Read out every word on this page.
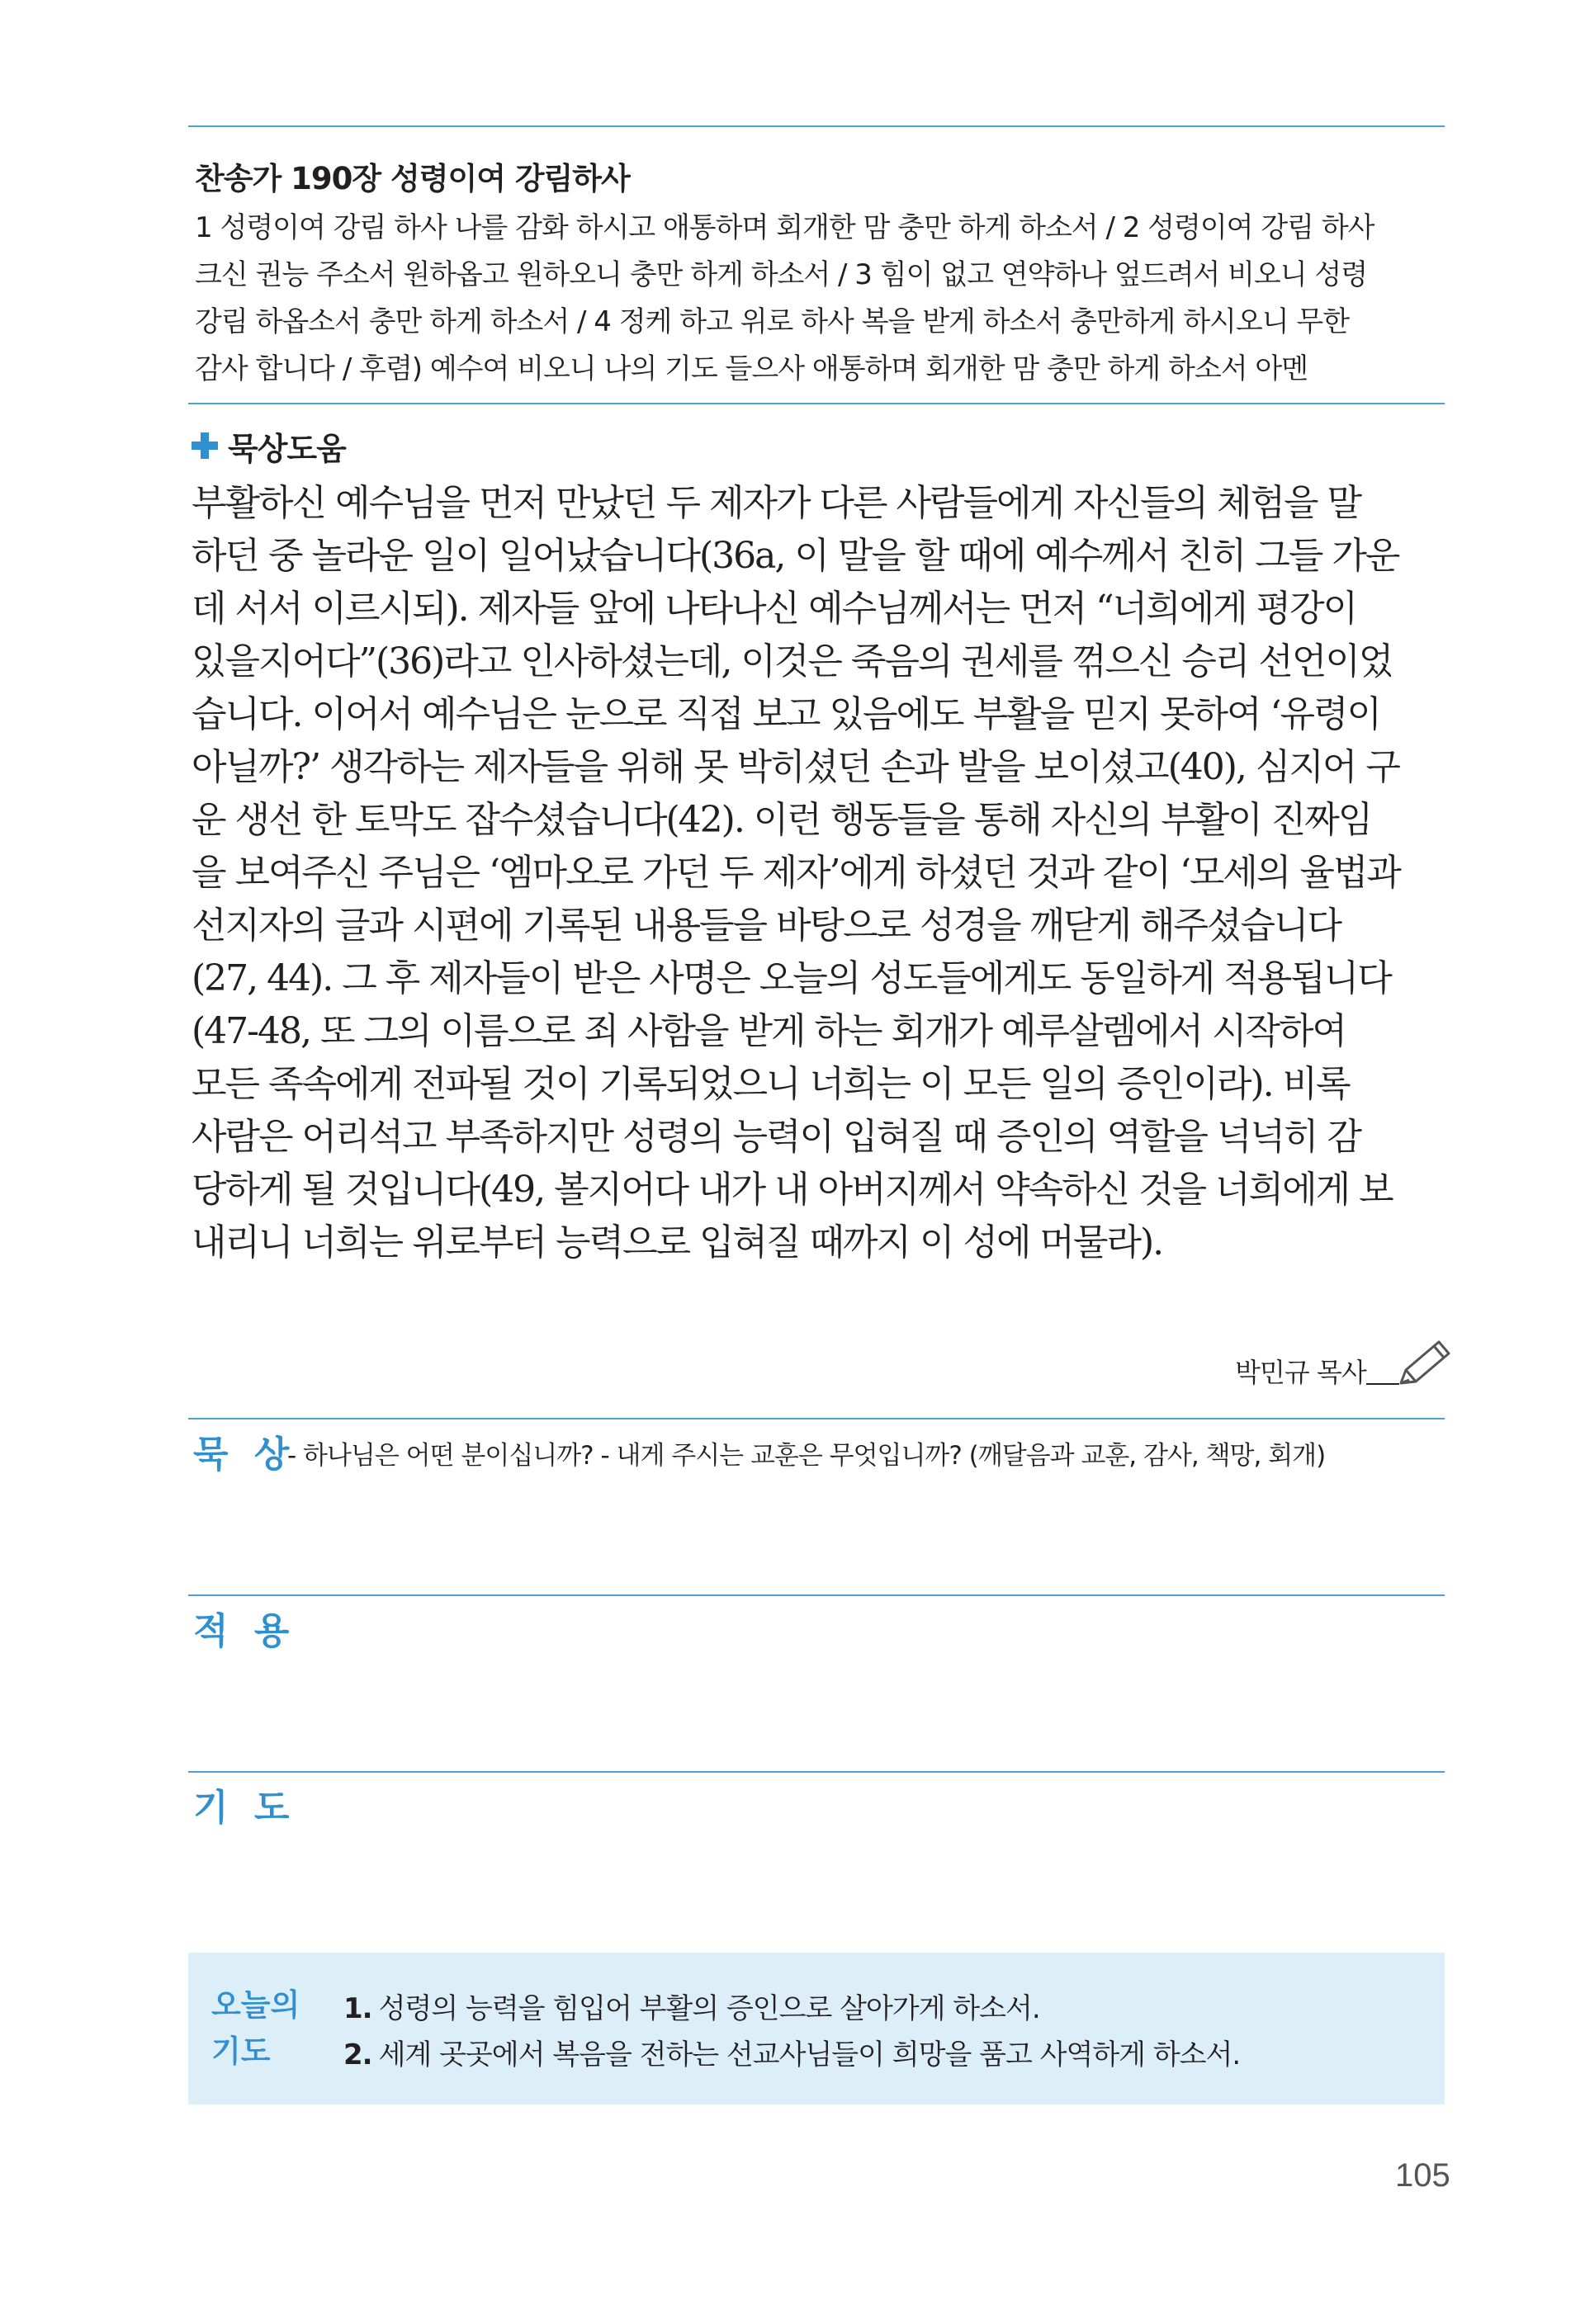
찬송가 190장 성령이여 강림하사
1 성령이여 강림 하사 나를 감화 하시고 애통하며 회개한 맘 충만 하게 하소서 / 2 성령이여 강림 하사
크신 권능 주소서 원하옵고 원하오니 충만 하게 하소서 / 3 힘이 없고 연약하나 엎드려서 비오니 성령
강림 하옵소서 충만 하게 하소서 / 4 정케 하고 위로 하사 복을 받게 하소서 충만하게 하시오니 무한
감사 합니다 / 후렴) 예수여 비오니 나의 기도 들으사 애통하며 회개한 맘 충만 하게 하소서 아멘
묵상도움
부활하신 예수님을 먼저 만났던 두 제자가 다른 사람들에게 자신들의 체험을 말
하던 중 놀라운 일이 일어났습니다(36a, 이 말을 할 때에 예수께서 친히 그들 가운
데 서서 이르시되). 제자들 앞에 나타나신 예수님께서는 먼저 “너희에게 평강이
있을지어다”(36)라고 인사하셨는데, 이것은 죽음의 권세를 꺾으신 승리 선언이었
습니다. 이어서 예수님은 눈으로 직접 보고 있음에도 부활을 믿지 못하여 ‘유령이
아닐까?’ 생각하는 제자들을 위해 못 박히셨던 손과 발을 보이셨고(40), 심지어 구
운 생선 한 토막도 잡수셨습니다(42). 이런 행동들을 통해 자신의 부활이 진짜임
을 보여주신 주님은 ‘엠마오로 가던 두 제자’에게 하셨던 것과 같이 ‘모세의 율법과
선지자의 글과 시편에 기록된 내용들을 바탕으로 성경을 깨닫게 해주셨습니다
(27, 44). 그 후 제자들이 받은 사명은 오늘의 성도들에게도 동일하게 적용됩니다
(47-48, 또 그의 이름으로 죄 사함을 받게 하는 회개가 예루살렘에서 시작하여
모든 족속에게 전파될 것이 기록되었으니 너희는 이 모든 일의 증인이라). 비록
사람은 어리석고 부족하지만 성령의 능력이 입혀질 때 증인의 역할을 넉넉히 감
당하게 될 것입니다(49, 볼지어다 내가 내 아버지께서 약속하신 것을 너희에게 보
내리니 너희는 위로부터 능력으로 입혀질 때까지 이 성에 머물라).
박민규 목사
묵 상
- 하나님은 어떤 분이십니까? - 내게 주시는 교훈은 무엇입니까? (깨달음과 교훈, 감사, 책망, 회개)
적 용
기 도
오늘의
기도
1. 성령의 능력을 힘입어 부활의 증인으로 살아가게 하소서.
2. 세계 곳곳에서 복음을 전하는 선교사님들이 희망을 품고 사역하게 하소서.
105
